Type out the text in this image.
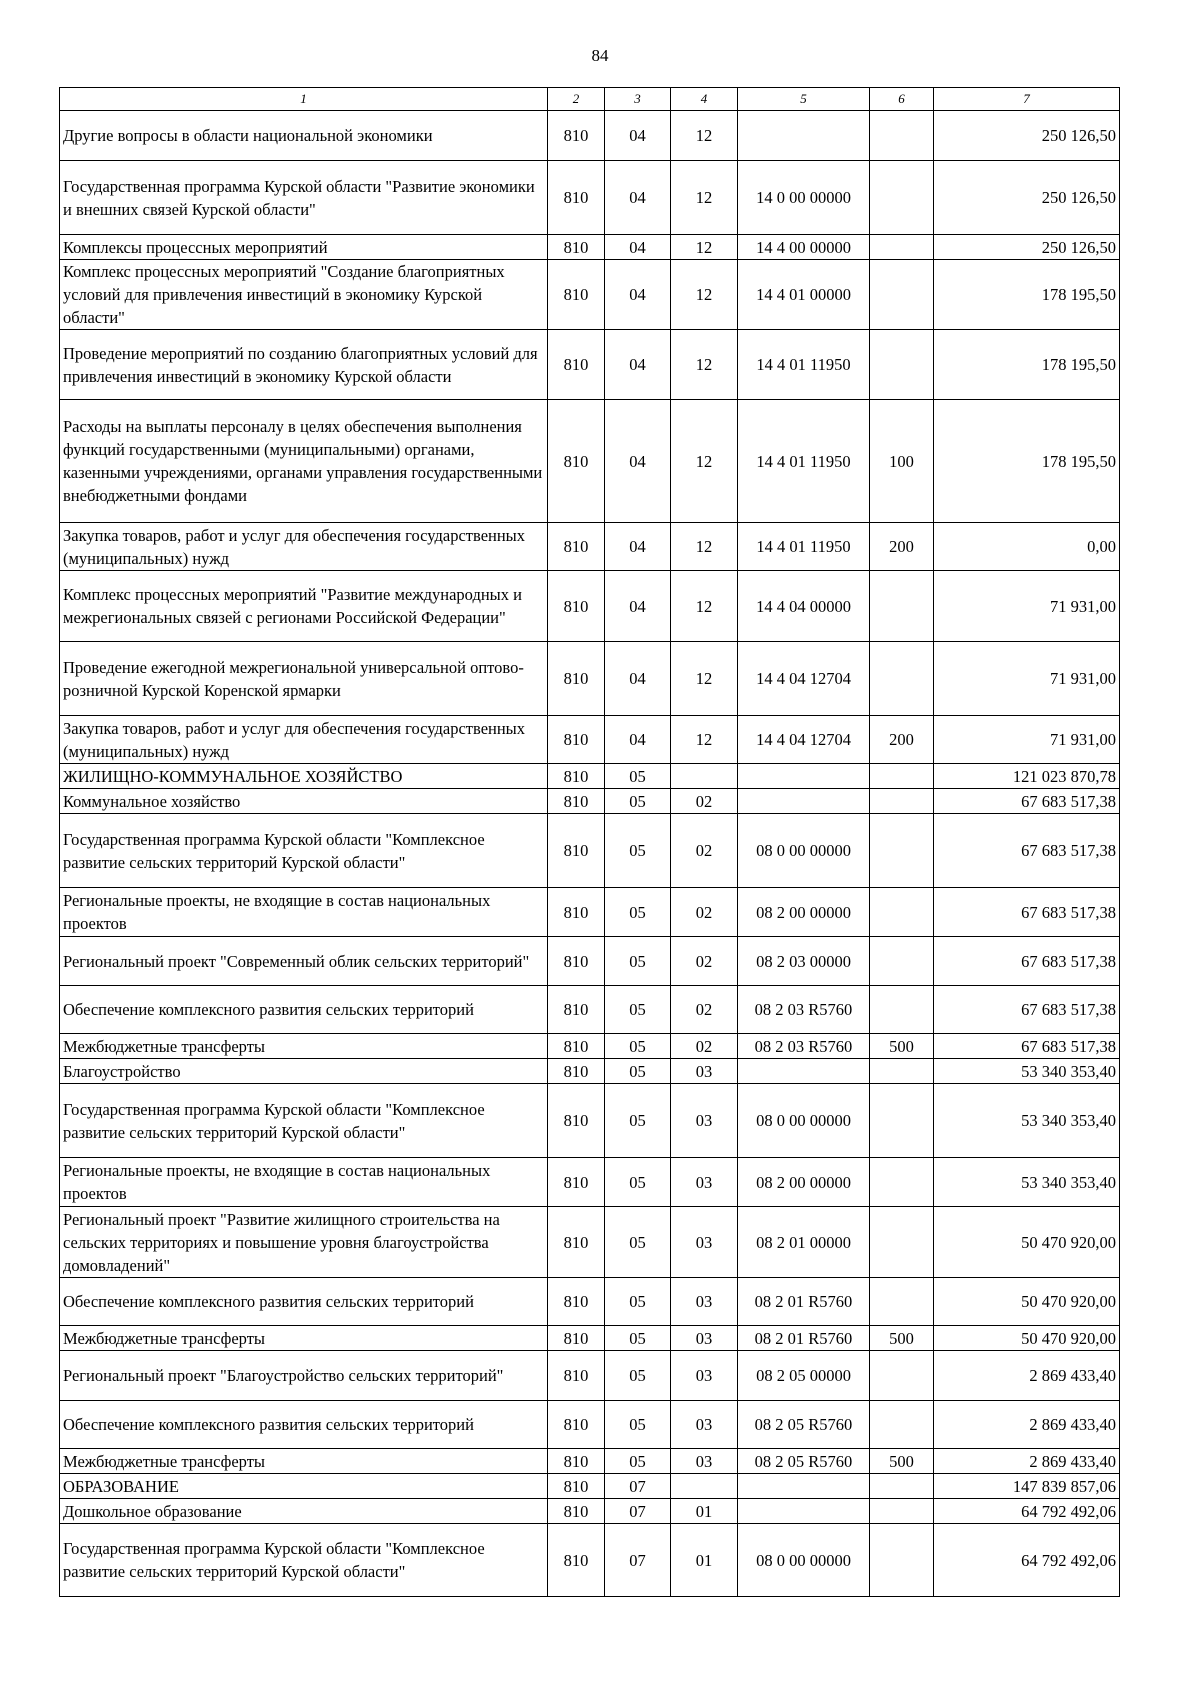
84
1	2	3	4	5	6	7
Другие вопросы в области национальной экономики	810	04	12			250 126,50
Государственная программа Курской области "Развитие экономики и внешних связей Курской области"	810	04	12	14 0 00 00000		250 126,50
Комплексы процессных мероприятий	810	04	12	14 4 00 00000		250 126,50
Комплекс процессных мероприятий "Создание благоприятных условий для привлечения инвестиций в экономику Курской области"	810	04	12	14 4 01 00000		178 195,50
Проведение мероприятий по созданию благоприятных условий для привлечения инвестиций в экономику Курской области	810	04	12	14 4 01 11950		178 195,50
Расходы на выплаты персоналу в целях обеспечения выполнения функций государственными (муниципальными) органами, казенными учреждениями, органами управления государственными внебюджетными фондами	810	04	12	14 4 01 11950	100	178 195,50
Закупка товаров, работ и услуг для обеспечения государственных (муниципальных) нужд	810	04	12	14 4 01 11950	200	0,00
Комплекс процессных мероприятий "Развитие международных и межрегиональных связей с регионами Российской Федерации"	810	04	12	14 4 04 00000		71 931,00
Проведение ежегодной межрегиональной универсальной оптово-розничной Курской Коренской ярмарки	810	04	12	14 4 04 12704		71 931,00
Закупка товаров, работ и услуг для обеспечения государственных (муниципальных) нужд	810	04	12	14 4 04 12704	200	71 931,00
ЖИЛИЩНО-КОММУНАЛЬНОЕ ХОЗЯЙСТВО	810	05				121 023 870,78
Коммунальное хозяйство	810	05	02			67 683 517,38
Государственная программа Курской области "Комплексное развитие сельских территорий Курской области"	810	05	02	08 0 00 00000		67 683 517,38
Региональные проекты, не входящие в состав национальных проектов	810	05	02	08 2 00 00000		67 683 517,38
Региональный проект "Современный облик сельских территорий"	810	05	02	08 2 03 00000		67 683 517,38
Обеспечение комплексного развития сельских территорий	810	05	02	08 2 03 R5760		67 683 517,38
Межбюджетные трансферты	810	05	02	08 2 03 R5760	500	67 683 517,38
Благоустройство	810	05	03			53 340 353,40
Государственная программа Курской области "Комплексное развитие сельских территорий Курской области"	810	05	03	08 0 00 00000		53 340 353,40
Региональные проекты, не входящие в состав национальных проектов	810	05	03	08 2 00 00000		53 340 353,40
Региональный проект "Развитие жилищного строительства на сельских территориях и повышение уровня благоустройства домовладений"	810	05	03	08 2 01 00000		50 470 920,00
Обеспечение комплексного развития сельских территорий	810	05	03	08 2 01 R5760		50 470 920,00
Межбюджетные трансферты	810	05	03	08 2 01 R5760	500	50 470 920,00
Региональный проект "Благоустройство сельских территорий"	810	05	03	08 2 05 00000		2 869 433,40
Обеспечение комплексного развития сельских территорий	810	05	03	08 2 05 R5760		2 869 433,40
Межбюджетные трансферты	810	05	03	08 2 05 R5760	500	2 869 433,40
ОБРАЗОВАНИЕ	810	07				147 839 857,06
Дошкольное образование	810	07	01			64 792 492,06
Государственная программа Курской области "Комплексное развитие сельских территорий Курской области"	810	07	01	08 0 00 00000		64 792 492,06
